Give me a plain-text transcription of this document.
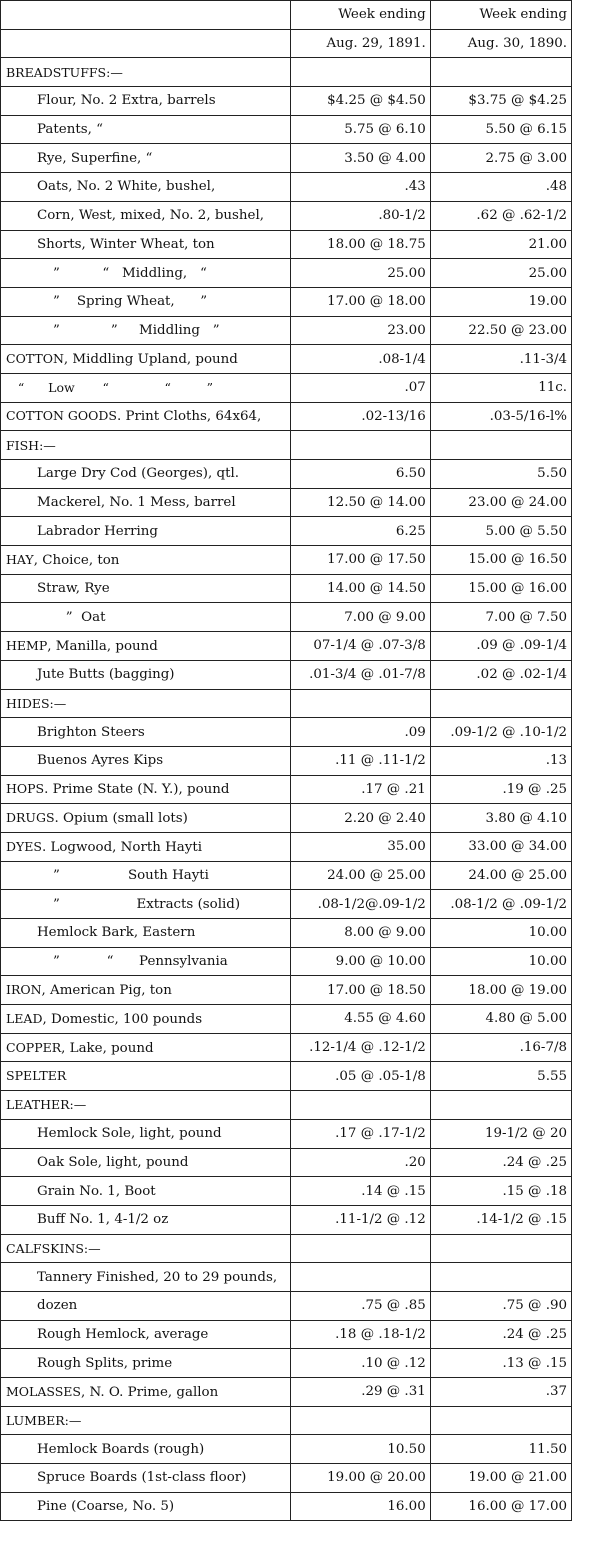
	Week ending	Week ending
	Aug. 29, 1891.	Aug. 30, 1890.
BREADSTUFFS:—		
Flour, No. 2 Extra, barrels	$4.25 @ $4.50	$3.75 @ $4.25
Patents, “	5.75 @ 6.10	5.50 @ 6.15
Rye, Superfine, “	3.50 @ 4.00	2.75 @ 3.00
Oats, No. 2 White, bushel,	.43	.48
Corn, West, mixed, No. 2, bushel,	.80-1/2	.62 @ .62-1/2
Shorts, Winter Wheat, ton	18.00 @ 18.75	21.00
”          “   Middling,   “	25.00	25.00
”    Spring Wheat,      ”	17.00 @ 18.00	19.00
”            ”     Middling   ”	23.00	22.50 @ 23.00
COTTON, Middling Upland, pound	.08-1/4	.11-3/4
“      Low       “              “         ”	.07	11c.
COTTON GOODS. Print Cloths, 64x64,	.02-13/16	.03-5/16-l%
FISH:—		
Large Dry Cod (Georges), qtl.	6.50	5.50
Mackerel, No. 1 Mess, barrel	12.50 @ 14.00	23.00 @ 24.00
Labrador Herring	6.25	5.00 @ 5.50
HAY, Choice, ton	17.00 @ 17.50	15.00 @ 16.50
Straw, Rye	14.00 @ 14.50	15.00 @ 16.00
”  Oat	7.00 @ 9.00	7.00 @ 7.50
HEMP, Manilla, pound	07-1/4 @ .07-3/8	.09 @ .09-1/4
Jute Butts (bagging)	.01-3/4 @ .01-7/8	.02 @ .02-1/4
HIDES:—		
Brighton Steers	.09	.09-1/2 @ .10-1/2
Buenos Ayres Kips	.11 @ .11-1/2	.13
HOPS. Prime State (N. Y.), pound	.17 @ .21	.19 @ .25
DRUGS. Opium (small lots)	2.20 @ 2.40	3.80 @ 4.10
DYES. Logwood, North Hayti	35.00	33.00 @ 34.00
”                South Hayti	24.00 @ 25.00	24.00 @ 25.00
”                  Extracts (solid)	.08-1/2@.09-1/2	.08-1/2 @ .09-1/2
Hemlock Bark, Eastern	8.00 @ 9.00	10.00
”           “      Pennsylvania	9.00 @ 10.00	10.00
IRON, American Pig, ton	17.00 @ 18.50	18.00 @ 19.00
LEAD, Domestic, 100 pounds	4.55 @ 4.60	4.80 @ 5.00
COPPER, Lake, pound	.12-1/4 @ .12-1/2	.16-7/8
SPELTER	.05 @ .05-1/8	5.55
LEATHER:—		
Hemlock Sole, light, pound	.17 @ .17-1/2	19-1/2 @ 20
Oak Sole, light, pound	.20	.24 @ .25
Grain No. 1, Boot	.14 @ .15	.15 @ .18
Buff No. 1, 4-1/2 oz	.11-1/2 @ .12	.14-1/2 @ .15
CALFSKINS:—		
Tannery Finished, 20 to 29 pounds,		
dozen	.75 @ .85	.75 @ .90
Rough Hemlock, average	.18 @ .18-1/2	.24 @ .25
Rough Splits, prime	.10 @ .12	.13 @ .15
MOLASSES, N. O. Prime, gallon	.29 @ .31	.37
LUMBER:—		
Hemlock Boards (rough)	10.50	11.50
Spruce Boards (1st-class floor)	19.00 @ 20.00	19.00 @ 21.00
Pine (Coarse, No. 5)	16.00	16.00 @ 17.00
